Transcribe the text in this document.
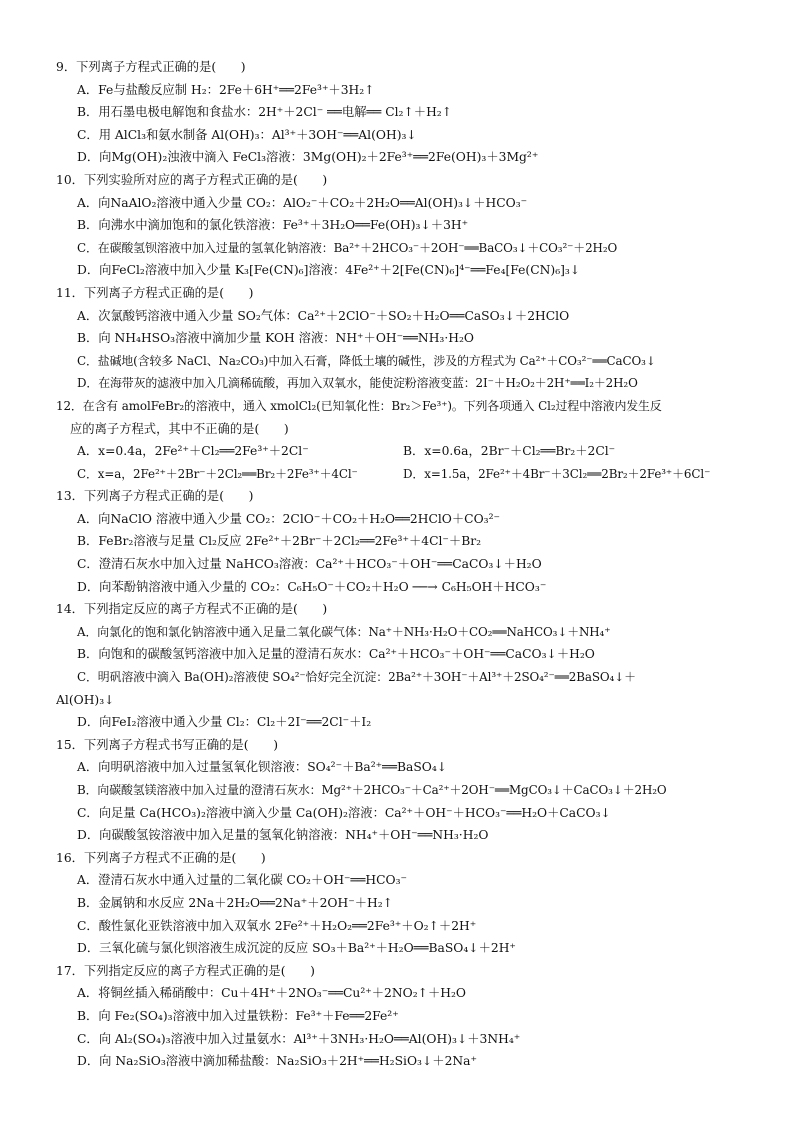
9．下列离子方程式正确的是(　　)
A．Fe与盐酸反应制 H₂：2Fe＋6H⁺══2Fe³⁺＋3H₂↑
B．用石墨电极电解饱和食盐水：2H⁺＋2Cl⁻ ══电解══ Cl₂↑＋H₂↑
C．用 AlCl₃和氨水制备 Al(OH)₃：Al³⁺＋3OH⁻══Al(OH)₃↓
D．向Mg(OH)₂浊液中滴入 FeCl₃溶液：3Mg(OH)₂＋2Fe³⁺══2Fe(OH)₃＋3Mg²⁺
10．下列实验所对应的离子方程式正确的是(　　)
A．向NaAlO₂溶液中通入少量 CO₂：AlO₂⁻＋CO₂＋2H₂O══Al(OH)₃↓＋HCO₃⁻
B．向沸水中滴加饱和的氯化铁溶液：Fe³⁺＋3H₂O══Fe(OH)₃↓＋3H⁺
C．在碳酸氢钡溶液中加入过量的氢氧化钠溶液：Ba²⁺＋2HCO₃⁻＋2OH⁻══BaCO₃↓＋CO₃²⁻＋2H₂O
D．向FeCl₂溶液中加入少量 K₃[Fe(CN)₆]溶液：4Fe²⁺＋2[Fe(CN)₆]⁴⁻══Fe₄[Fe(CN)₆]₃↓
11．下列离子方程式正确的是(　　)
A．次氯酸钙溶液中通入少量 SO₂气体：Ca²⁺＋2ClO⁻＋SO₂＋H₂O══CaSO₃↓＋2HClO
B．向 NH₄HSO₃溶液中滴加少量 KOH 溶液：NH⁺＋OH⁻══NH₃·H₂O
C．盐碱地(含较多 NaCl、Na₂CO₃)中加入石膏，降低土壤的碱性，涉及的方程式为 Ca²⁺＋CO₃²⁻══CaCO₃↓
D．在海带灰的滤液中加入几滴稀硫酸，再加入双氧水，能使淀粉溶液变蓝：2I⁻＋H₂O₂＋2H⁺══I₂＋2H₂O
12．在含有 amolFeBr₂的溶液中，通入 xmolCl₂(已知氧化性：Br₂＞Fe³⁺)。下列各项通入 Cl₂过程中溶液内发生反
应的离子方程式，其中不正确的是(　　)
A．x=0.4a，2Fe²⁺＋Cl₂══2Fe³⁺＋2Cl⁻	B．x=0.6a，2Br⁻＋Cl₂══Br₂＋2Cl⁻
C．x=a，2Fe²⁺＋2Br⁻＋2Cl₂══Br₂＋2Fe³⁺＋4Cl⁻	D．x=1.5a，2Fe²⁺＋4Br⁻＋3Cl₂══2Br₂＋2Fe³⁺＋6Cl⁻
13．下列离子方程式正确的是(　　)
A．向NaClO 溶液中通入少量 CO₂：2ClO⁻＋CO₂＋H₂O══2HClO＋CO₃²⁻
B．FeBr₂溶液与足量 Cl₂反应 2Fe²⁺＋2Br⁻＋2Cl₂══2Fe³⁺＋4Cl⁻＋Br₂
C．澄清石灰水中加入过量 NaHCO₃溶液：Ca²⁺＋HCO₃⁻＋OH⁻══CaCO₃↓＋H₂O
D．向苯酚钠溶液中通入少量的 CO₂：C₆H₅O⁻＋CO₂＋H₂O ──→ C₆H₅OH＋HCO₃⁻
14．下列指定反应的离子方程式不正确的是(　　)
A．向氯化的饱和氯化钠溶液中通入足量二氧化碳气体：Na⁺＋NH₃·H₂O＋CO₂══NaHCO₃↓＋NH₄⁺
B．向饱和的碳酸氢钙溶液中加入足量的澄清石灰水：Ca²⁺＋HCO₃⁻＋OH⁻══CaCO₃↓＋H₂O
C．明矾溶液中滴入 Ba(OH)₂溶液使 SO₄²⁻恰好完全沉淀：2Ba²⁺＋3OH⁻＋Al³⁺＋2SO₄²⁻══2BaSO₄↓＋
Al(OH)₃↓
D．向FeI₂溶液中通入少量 Cl₂：Cl₂＋2I⁻══2Cl⁻＋I₂
15．下列离子方程式书写正确的是(　　)
A．向明矾溶液中加入过量氢氧化钡溶液：SO₄²⁻＋Ba²⁺══BaSO₄↓
B．向碳酸氢镁溶液中加入过量的澄清石灰水：Mg²⁺＋2HCO₃⁻＋Ca²⁺＋2OH⁻══MgCO₃↓＋CaCO₃↓＋2H₂O
C．向足量 Ca(HCO₃)₂溶液中滴入少量 Ca(OH)₂溶液：Ca²⁺＋OH⁻＋HCO₃⁻══H₂O＋CaCO₃↓
D．向碳酸氢铵溶液中加入足量的氢氧化钠溶液：NH₄⁺＋OH⁻══NH₃·H₂O
16．下列离子方程式不正确的是(　　)
A．澄清石灰水中通入过量的二氧化碳 CO₂＋OH⁻══HCO₃⁻
B．金属钠和水反应 2Na＋2H₂O══2Na⁺＋2OH⁻＋H₂↑
C．酸性氯化亚铁溶液中加入双氧水 2Fe²⁺＋H₂O₂══2Fe³⁺＋O₂↑＋2H⁺
D．三氧化硫与氯化钡溶液生成沉淀的反应 SO₃＋Ba²⁺＋H₂O══BaSO₄↓＋2H⁺
17．下列指定反应的离子方程式正确的是(　　)
A．将铜丝插入稀硝酸中：Cu＋4H⁺＋2NO₃⁻══Cu²⁺＋2NO₂↑＋H₂O
B．向 Fe₂(SO₄)₃溶液中加入过量铁粉：Fe³⁺＋Fe══2Fe²⁺
C．向 Al₂(SO₄)₃溶液中加入过量氨水：Al³⁺＋3NH₃·H₂O══Al(OH)₃↓＋3NH₄⁺
D．向 Na₂SiO₃溶液中滴加稀盐酸：Na₂SiO₃＋2H⁺══H₂SiO₃↓＋2Na⁺
